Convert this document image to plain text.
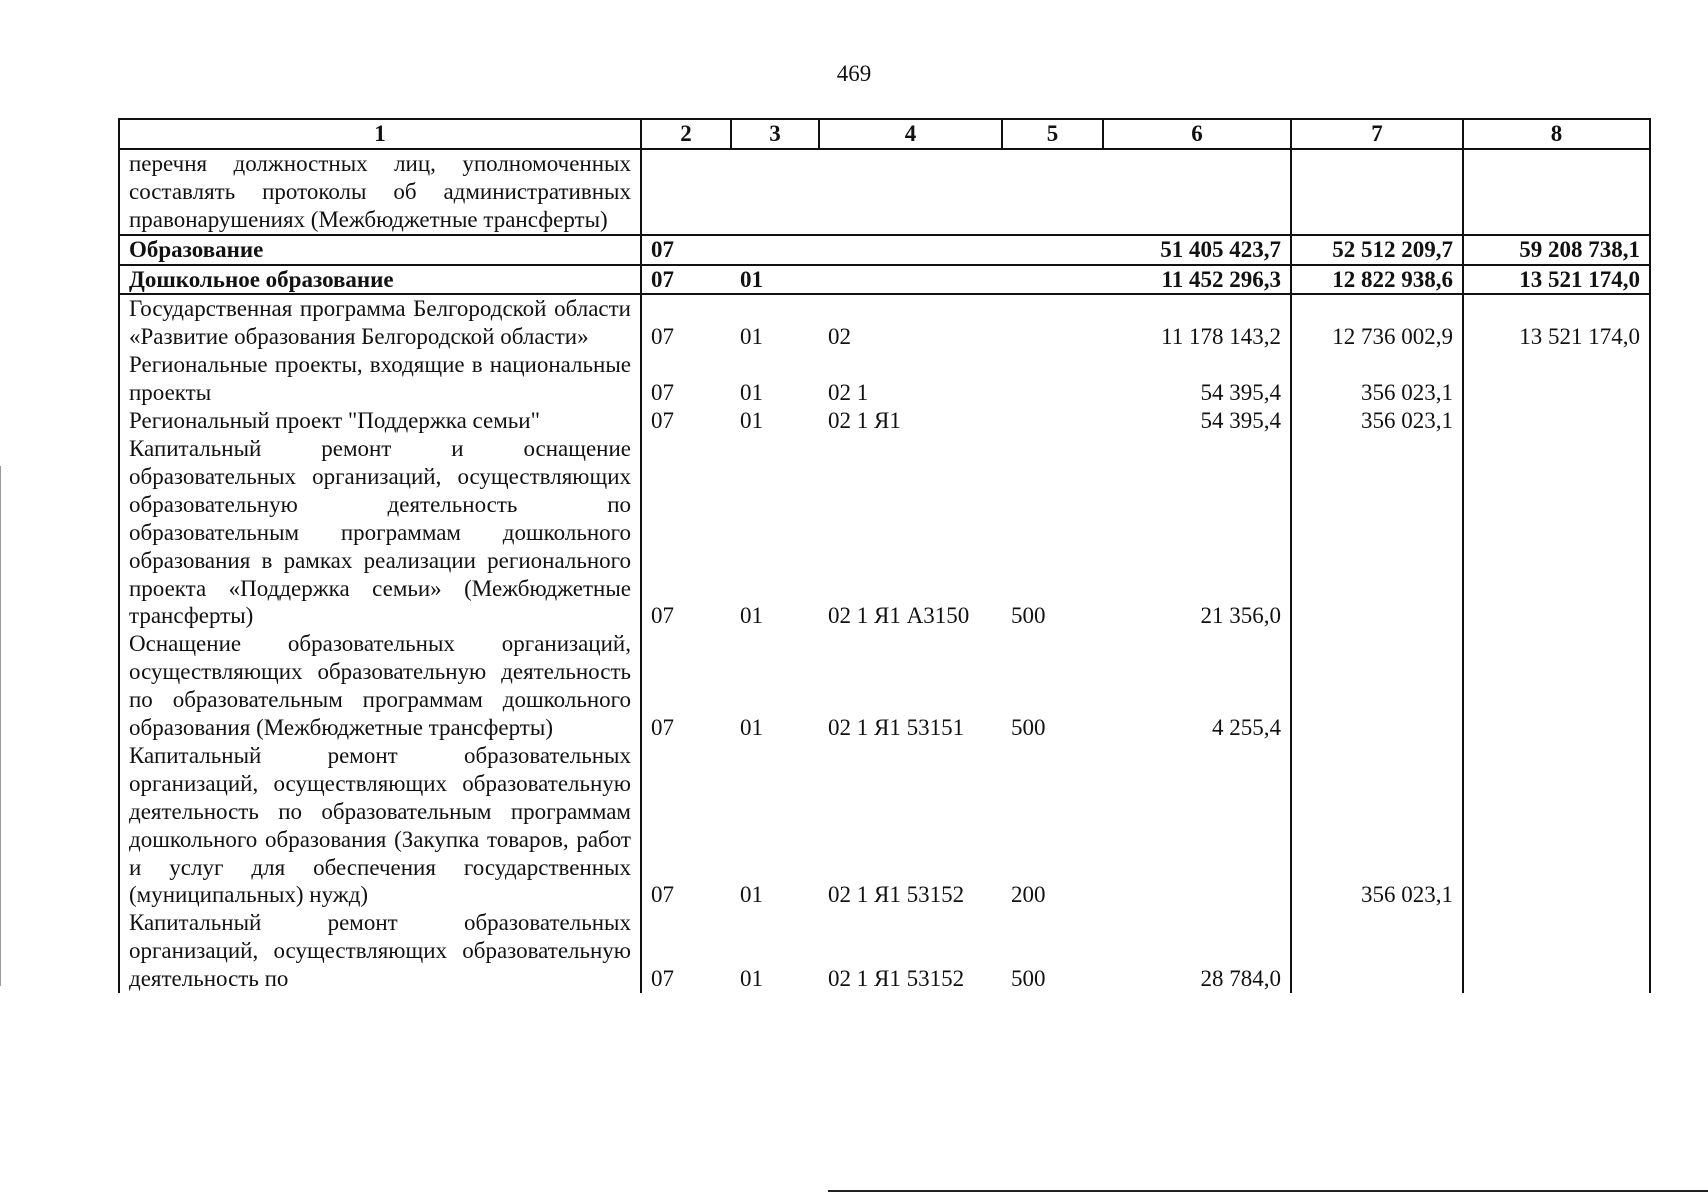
469
1	2	3	4	5	6	7	8
перечня должностных лиц, уполномоченных составлять протоколы об административных правонарушениях (Межбюджетные трансферты)							
Образование	07				51 405 423,7	52 512 209,7	59 208 738,1
Дошкольное образование	07	01			11 452 296,3	12 822 938,6	13 521 174,0
Государственная программа Белгородской области «Развитие образования Белгородской области»	07	01	02		11 178 143,2	12 736 002,9	13 521 174,0
Региональные проекты, входящие в национальные проекты	07	01	02 1		54 395,4	356 023,1	
Региональный проект "Поддержка семьи"	07	01	02 1 Я1		54 395,4	356 023,1	
Капитальный ремонт и оснащение образовательных организаций, осуществляющих образовательную деятельность по образовательным программам дошкольного образования в рамках реализации регионального проекта «Поддержка семьи» (Межбюджетные трансферты)	07	01	02 1 Я1 А3150	500	21 356,0		
Оснащение образовательных организаций, осуществляющих образовательную деятельность по образовательным программам дошкольного образования (Межбюджетные трансферты)	07	01	02 1 Я1 53151	500	4 255,4		
Капитальный ремонт образовательных организаций, осуществляющих образовательную деятельность по образовательным программам дошкольного образования (Закупка товаров, работ и услуг для обеспечения государственных (муниципальных) нужд)	07	01	02 1 Я1 53152	200		356 023,1	
Капитальный ремонт образовательных организаций, осуществляющих образовательную деятельность по	07	01	02 1 Я1 53152	500	28 784,0		
